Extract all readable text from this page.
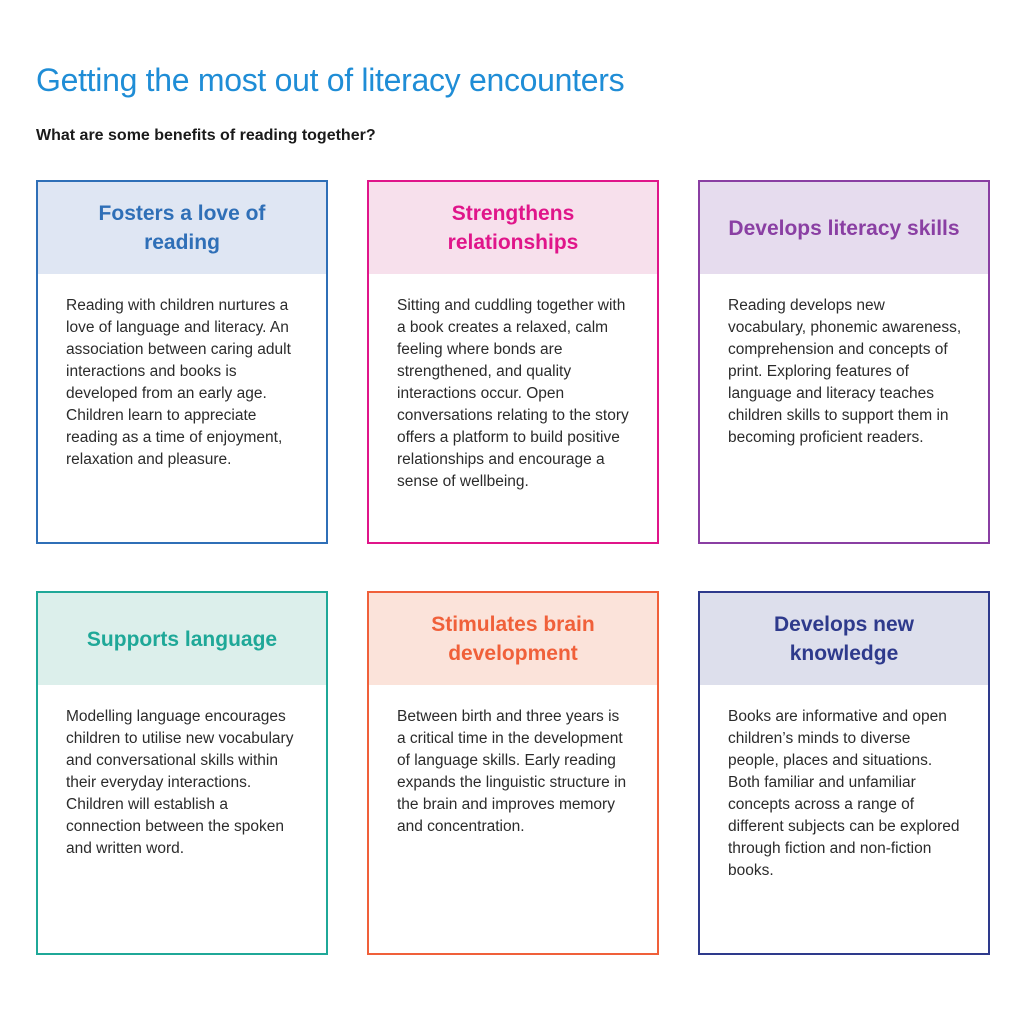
Getting the most out of literacy encounters

What are some benefits of reading together?

Fosters a love of reading
Reading with children nurtures a love of language and literacy. An association between caring adult interactions and books is developed from an early age. Children learn to appreciate reading as a time of enjoyment, relaxation and pleasure.
Strengthens relationships
Sitting and cuddling together with a book creates a relaxed, calm feeling where bonds are strengthened, and quality interactions occur. Open conversations relating to the story offers a platform to build positive relationships and encourage a sense of wellbeing.
Develops literacy skills
Reading develops new vocabulary, phonemic awareness, comprehension and concepts of print. Exploring features of language and literacy teaches children skills to support them in becoming proficient readers.
Supports language
Modelling language encourages children to utilise new vocabulary and conversational skills within their everyday interactions. Children will establish a connection between the spoken and written word.
Stimulates brain development
Between birth and three years is a critical time in the development of language skills. Early reading expands the linguistic structure in the brain and improves memory and concentration.
Develops new knowledge
Books are informative and open children’s minds to diverse people, places and situations. Both familiar and unfamiliar concepts across a range of different subjects can be explored through fiction and non-fiction books.
